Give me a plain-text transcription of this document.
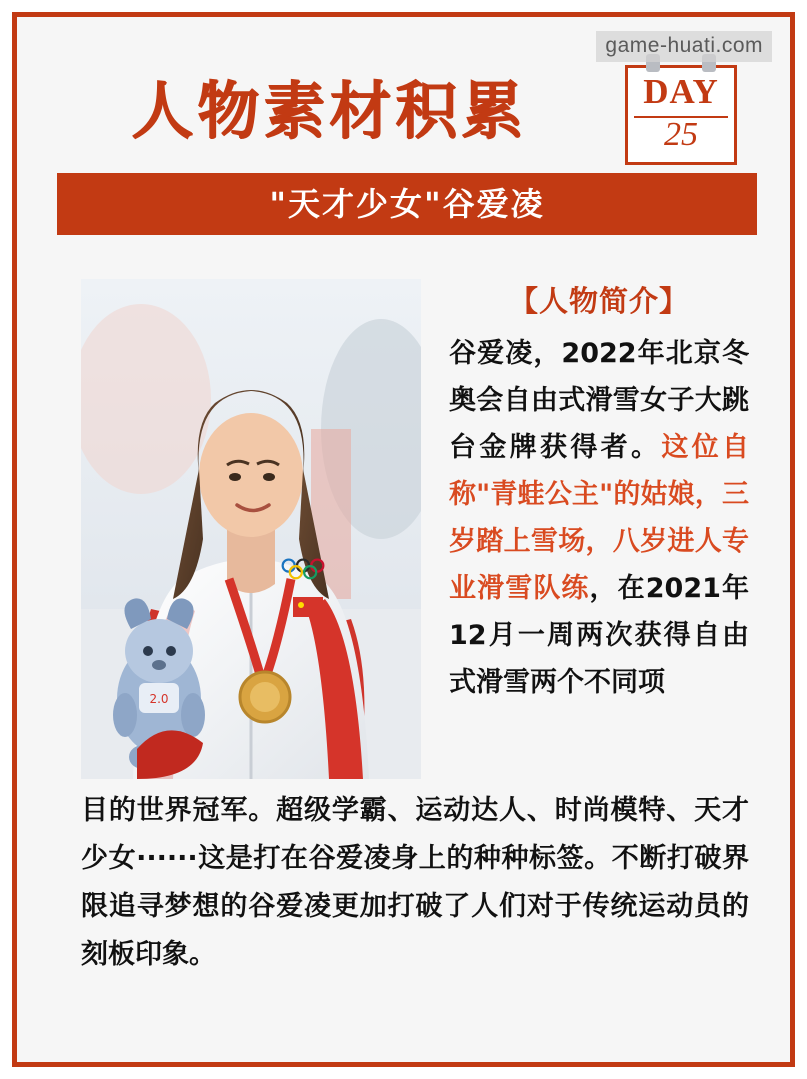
game-huati.com
人物素材积累	DAY
25
"天才少女"谷爱凌
2.0
【人物简介】
谷爱凌，2022年北京冬奥会自由式滑雪女子大跳台金牌获得者。这位自称"青蛙公主"的姑娘，三岁踏上雪场，八岁进人专业滑雪队练，在2021年12月一周两次获得自由式滑雪两个不同项
目的世界冠军。超级学霸、运动达人、时尚模特、天才少女······这是打在谷爱凌身上的种种标签。不断打破界限追寻梦想的谷爱凌更加打破了人们对于传统运动员的刻板印象。
